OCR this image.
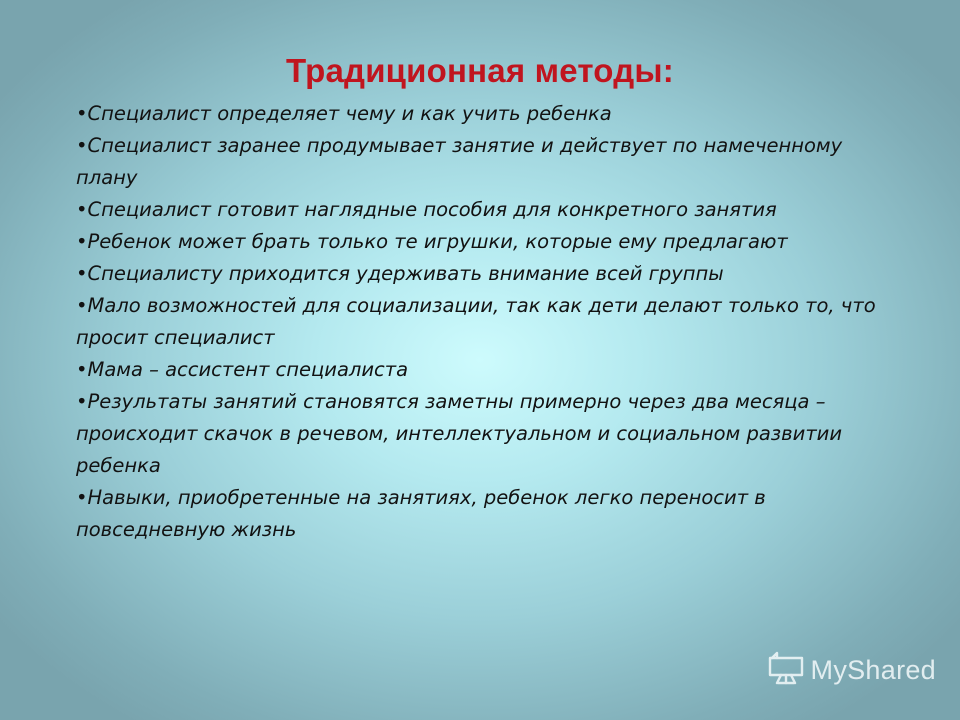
Традиционная методы:
• Специалист определяет чему и как учить ребенка
• Специалист заранее продумывает занятие и действует по намеченному плану
• Специалист готовит наглядные пособия для конкретного занятия
• Ребенок может брать только те игрушки, которые ему предлагают
• Специалисту приходится удерживать внимание всей группы
• Мало возможностей для социализации, так как дети делают только то, что просит специалист
• Мама – ассистент специалиста
• Результаты занятий становятся заметны примерно через два месяца – происходит скачок в речевом, интеллектуальном и социальном развитии ребенка
• Навыки, приобретенные на занятиях, ребенок легко переносит в повседневную жизнь
MyShared
